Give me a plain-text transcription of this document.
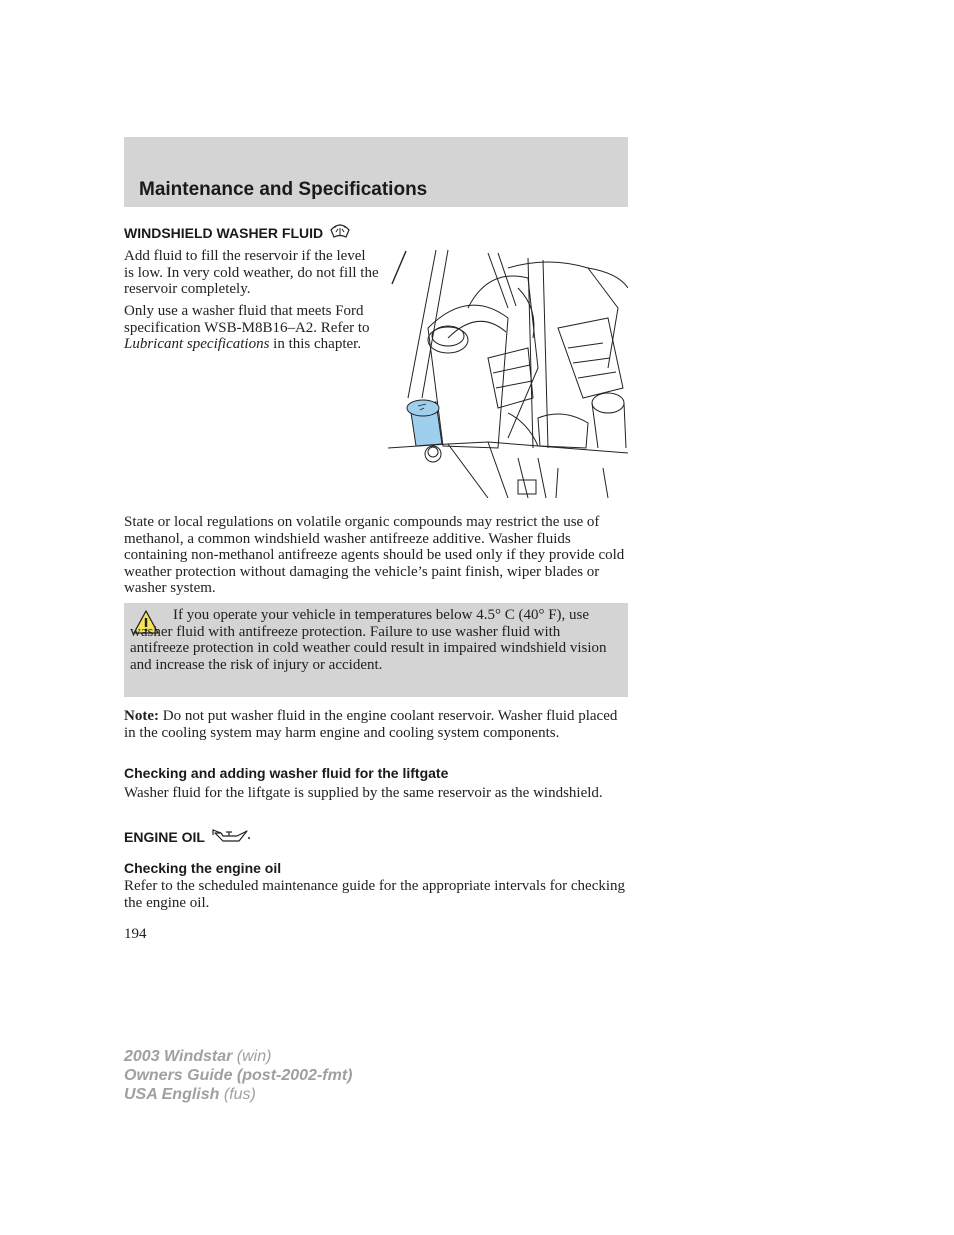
Maintenance and Specifications
WINDSHIELD WASHER FLUID
Add fluid to fill the reservoir if the level is low. In very cold weather, do not fill the reservoir completely.
Only use a washer fluid that meets Ford specification WSB-M8B16–A2. Refer to Lubricant specifications in this chapter.
State or local regulations on volatile organic compounds may restrict the use of methanol, a common windshield washer antifreeze additive. Washer fluids containing non-methanol antifreeze agents should be used only if they provide cold weather protection without damaging the vehicle’s paint finish, wiper blades or washer system.
If you operate your vehicle in temperatures below 4.5° C (40° F), use washer fluid with antifreeze protection. Failure to use washer fluid with antifreeze protection in cold weather could result in impaired windshield vision and increase the risk of injury or accident.
Note: Do not put washer fluid in the engine coolant reservoir. Washer fluid placed in the cooling system may harm engine and cooling system components.
Checking and adding washer fluid for the liftgate
Washer fluid for the liftgate is supplied by the same reservoir as the windshield.
ENGINE OIL
Checking the engine oil
Refer to the scheduled maintenance guide for the appropriate intervals for checking the engine oil.
194
2003 Windstar (win)
Owners Guide (post-2002-fmt)
USA English (fus)
